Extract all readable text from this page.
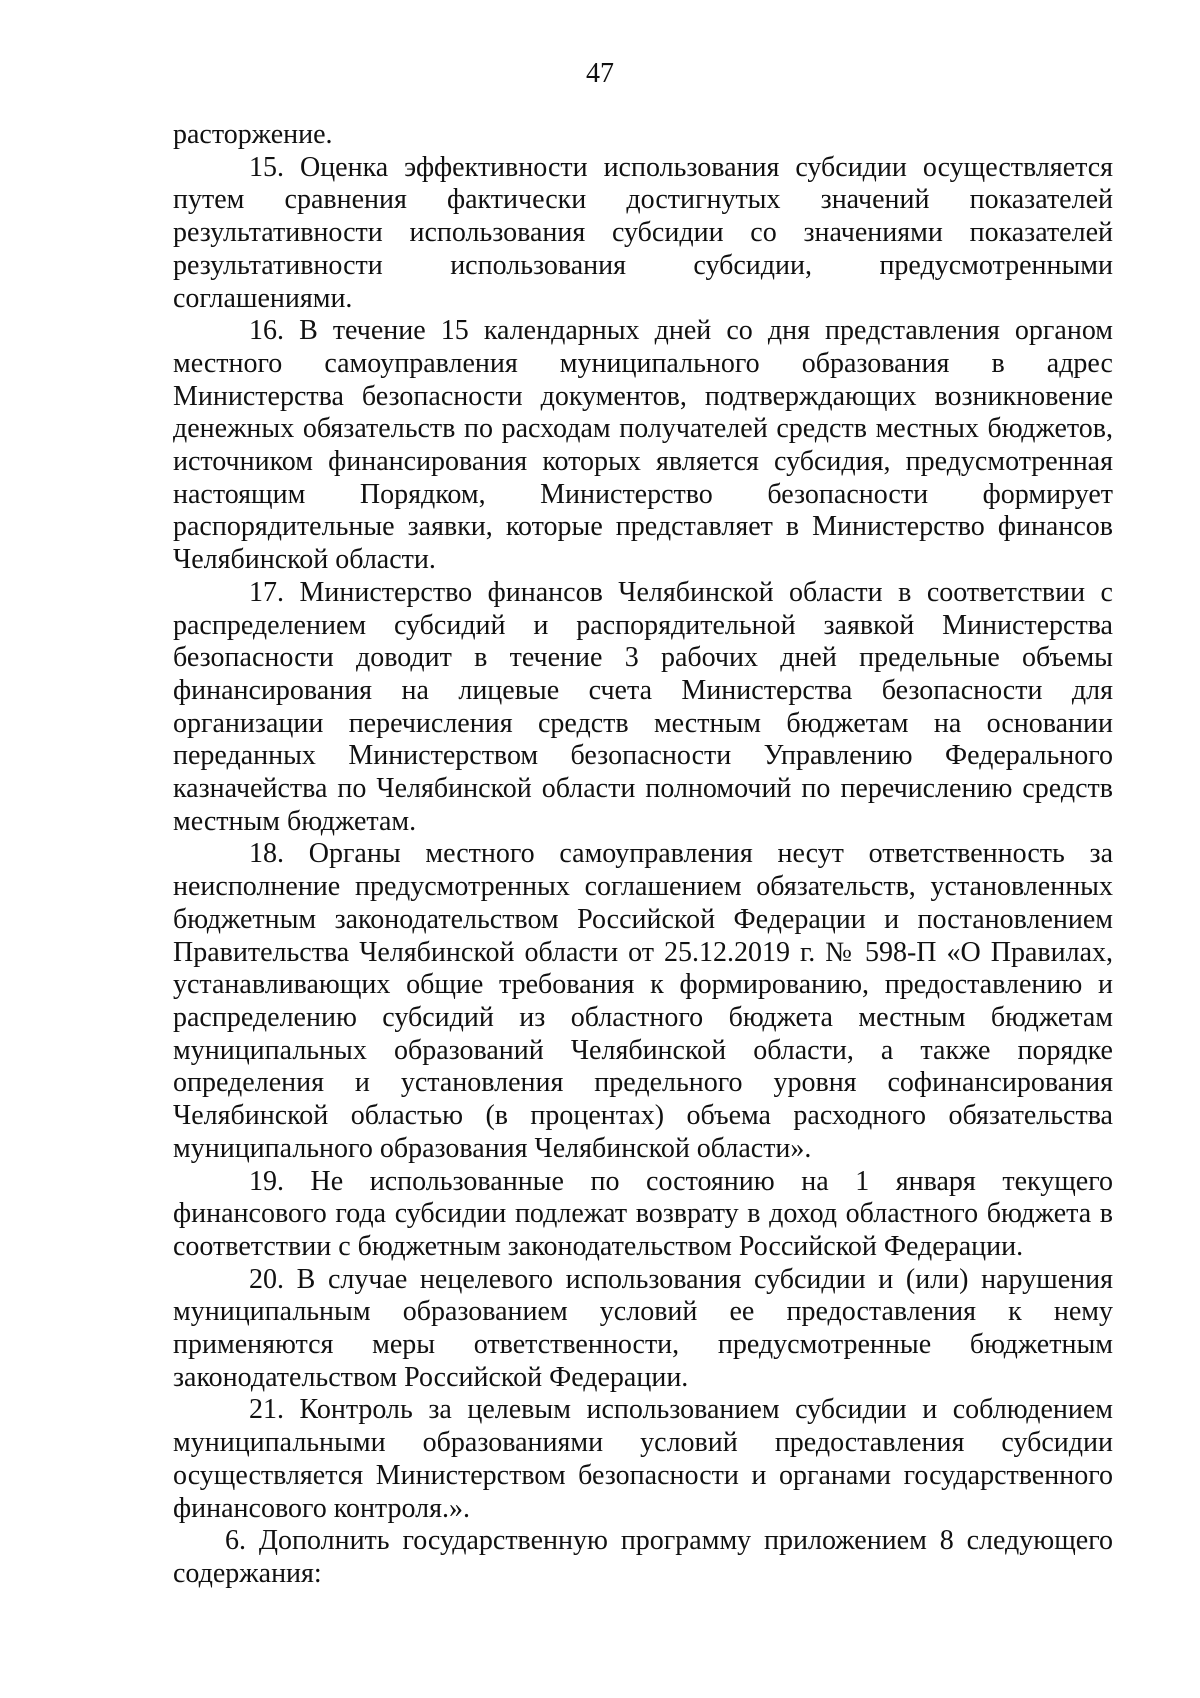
47

расторжение.

15. Оценка эффективности использования субсидии осуществляется путем сравнения фактически достигнутых значений показателей результативности использования субсидии со значениями показателей результативности использования субсидии, предусмотренными соглашениями.

16. В течение 15 календарных дней со дня представления органом местного самоуправления муниципального образования в адрес Министерства безопасности документов, подтверждающих возникновение денежных обязательств по расходам получателей средств местных бюджетов, источником финансирования которых является субсидия, предусмотренная настоящим Порядком, Министерство безопасности формирует распорядительные заявки, которые представляет в Министерство финансов Челябинской области.

17. Министерство финансов Челябинской области в соответствии с распределением субсидий и распорядительной заявкой Министерства безопасности доводит в течение 3 рабочих дней предельные объемы финансирования на лицевые счета Министерства безопасности для организации перечисления средств местным бюджетам на основании переданных Министерством безопасности Управлению Федерального казначейства по Челябинской области полномочий по перечислению средств местным бюджетам.

18. Органы местного самоуправления несут ответственность за неисполнение предусмотренных соглашением обязательств, установленных бюджетным законодательством Российской Федерации и постановлением Правительства Челябинской области от 25.12.2019 г. № 598-П «О Правилах, устанавливающих общие требования к формированию, предоставлению и распределению субсидий из областного бюджета местным бюджетам муниципальных образований Челябинской области, а также порядке определения и установления предельного уровня софинансирования Челябинской областью (в процентах) объема расходного обязательства муниципального образования Челябинской области».

19. Не использованные по состоянию на 1 января текущего финансового года субсидии подлежат возврату в доход областного бюджета в соответствии с бюджетным законодательством Российской Федерации.

20. В случае нецелевого использования субсидии и (или) нарушения муниципальным образованием условий ее предоставления к нему применяются меры ответственности, предусмотренные бюджетным законодательством Российской Федерации.

21. Контроль за целевым использованием субсидии и соблюдением муниципальными образованиями условий предоставления субсидии осуществляется Министерством безопасности и органами государственного финансового контроля.».

6. Дополнить государственную программу приложением 8 следующего содержания:
